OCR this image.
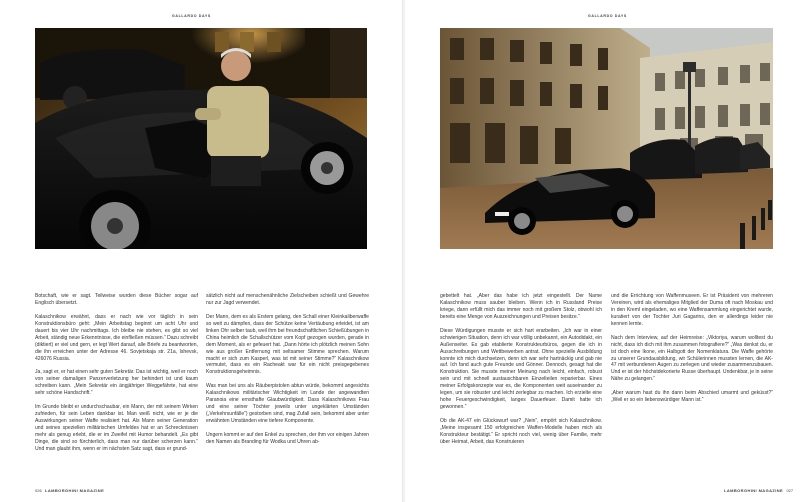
GALLARDO DAYS

Botschaft, wie er sagt. Teilweise wurden diese Bücher sogar auf Englisch übersetzt.

Kalaschnikow erwähnt, dass er nach wie vor täglich in sein Konstruktionsbüro geht: „Mein Arbeitstag beginnt um acht Uhr und dauert bis vier Uhr nachmittags. Ich bleibe nie stehen, es gibt so viel Arbeit, ständig neue Erkenntnisse, die einfließen müssen.“ Dazu schreibt (diktiert) er viel und gern, er legt Wert darauf, alle Briefe zu beantworten, die ihn erreichen unter der Adresse 46. Sovjetskaja str. 21a, Ishevsk, 426076 Russia.

Ja, sagt er, er hat einen sehr guten Sekretär. Das ist wichtig, weil er noch von seiner damaligen Panzerverletzung her behindert ist und kaum schreiben kann. „Mein Sekretär ein ängjähriger Weggefährte, hat eine sehr schöne Handschrift.“

Im Grunde bleibt er undurchschaubar, ein Mann, der mit seinem Wirken zufrieden, für sein Leben dankbar ist. Man weiß nicht, wie er je die Auswirkungen seiner Waffe realisiert hat. Als Mann seiner Generation und seines speziellen militärischen Umfeldes hat er an Schrecknissen mehr als genug erlebt, die er im Zweifel mit Humor behandelt. „Es gibt Dinge, die sind so fürchterlich, dass man nur darüber scherzen kann.“ Und man glaubt ihm, wenn er im nächsten Satz sagt, dass er grund-

sätzlich nicht auf menschenähnliche Zielscheiben schießt und Gewehre nur zur Jagd verwendet.

Der Mann, dem es als Erstem gelang, den Schall einer Kleinkaliberwaffe so weit zu dämpfen, dass der Schütze keine Vertäubung erleidet, ist am linken Ohr selber taub, weil ihm bei freundschaftlichen Schießübungen in China heimlich die Schallschützer vom Kopf gezogen wurden, gerade in dem Moment, als er gefeuert hat. „Dann hörte ich plötzlich meinen Sohn wie aus großer Entfernung mit seltsamer Stimme sprechen. Warum macht er sich zum Kasperl, was ist mit seiner Stimme?“ Kalaschnikow vermutet, dass es ein Racheakt war für ein nicht preisgegebenes Konstruktionsgeheimnis.

Was man bei uns als Räuberpistolen abtun würde, bekommt angesichts Kalaschnikows militärischer Wichtigkeit im Lande der angewandten Paranoia eine ernsthafte Glaubwürdigkeit. Dass Kalaschnikows Frau und eine seiner Töchter jeweils unter ungeklärten Umständen („Verkehrsunfälle“) gestorben sind, mag Zufall sein, bekommt aber unter erwähnten Umständen eine tiefere Komponente.

Ungern kommt er auf den Enkel zu sprechen, der ihm vor einigen Jahren den Namen als Branding für Wodka und Uhren ab-

026 LAMBORGHINI MAGAZINE
GALLARDO DAYS

gebettelt hat. „Aber das habe ich jetzt eingestellt. Der Name Kalaschnikow muss sauber bleiben. Wenn ich in Russland Preise kriege, dann erfüllt mich das immer noch mit großem Stolz, obwohl ich bereits eine Menge von Auszeichnungen und Preisen besitze.“

Diese Würdigungen musste er sich hart erarbeiten. „Ich war in einer schwierigen Situation, denn ich war völlig unbekannt, ein Autodidakt, ein Außenseiter. Es gab etablierte Konstrukteurbüros, gegen die ich in Ausschreibungen und Wettbewerben antrat. Ohne spezielle Ausbildung konnte ich mich durchsetzen, denn ich war sehr hartnäckig und gab nie auf. Ich fand auch gute Freunde und Gönner. Dennoch, gesagt hat die Konstruktion. Sie musste meiner Meinung nach leicht, einfach, robust sein und mit schnell austauschbaren Einzelteilen reparierbar. Eines meiner Erfolgskonzepte war es, die Komponenten weit auseinander zu legen, um sie robuster und leicht zerlegbar zu machen. Ich erzielte eine hohe Feuergeschwindigkeit, langes Dauerfeuer. Damit hatte ich gewonnen.“

Ob die AK-47 ein Glückswurf war? „Nein“, empört sich Kalaschnikow. „Meine insgesamt 150 erfolgreichen Waffen-Modelle haben mich als Konstrukteur bestätigt.“ Er spricht noch viel, wenig über Familie, mehr über Heimat, Arbeit, das Konstruieren

und die Errichtung von Waffenmuseen. Er ist Präsident von mehreren Vereinen, wird als ehemaliges Mitglied der Duma oft nach Moskau und in den Kreml eingeladen, wo eine Waffensammlung eingerichtet wurde, kuratiert von der Tochter Juri Gagarins, den er allerdings leider nie kennen lernte.

Nach dem Interview, auf der Heimreise: „Viktoriya, warum wolltest du nicht, dass ich dich mit ihm zusammen fotografiere?“ „Was denkst du, er ist doch eine Ikone, ein Halbgott der Nomenklatura. Die Waffe gehörte zu unserer Grundausbildung, wir Schülerinnen mussten lernen, die AK-47 mit verbundenen Augen zu zerlegen und wieder zusammenzubauen. Und er ist der höchstdekorierte Russe überhaupt. Undenkbar, je in seine Nähe zu gelangen.“

„Aber warum hast du ihn dann beim Abschied umarmt und geküsst?“ „Weil er so ein liebenswürdiger Mann ist.“

LAMBORGHINI MAGAZINE 027
